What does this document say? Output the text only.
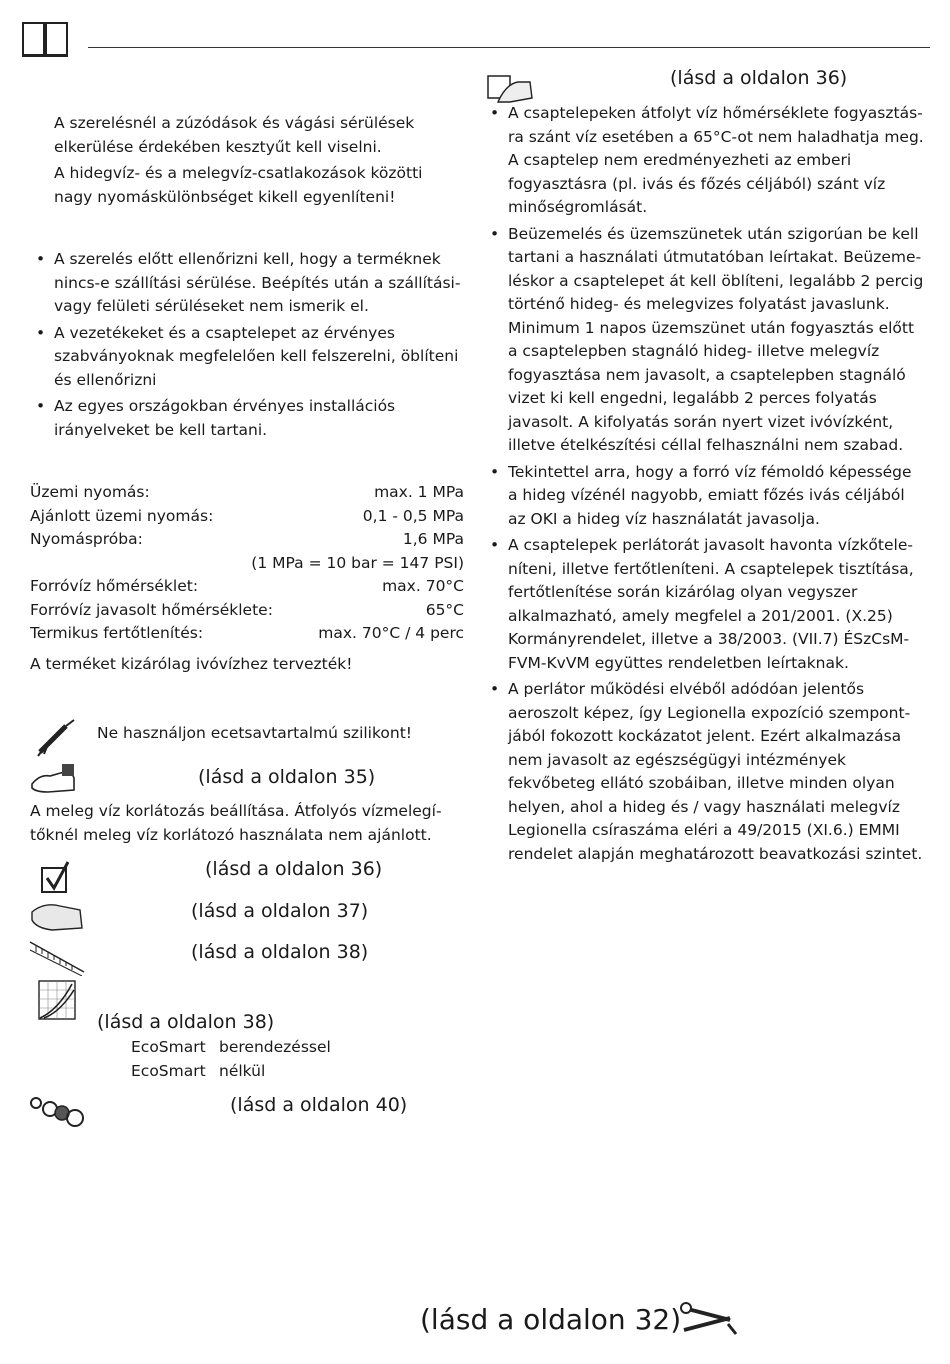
A szerelésnél a zúzódások és vágási sérülések elkerülése érdekében kesztyűt kell viselni.

A hidegvíz- és a melegvíz-csatlakozások közötti nagy nyomáskülönbséget kikell egyenlíteni!

• A szerelés előtt ellenőrizni kell, hogy a terméknek nincs-e szállítási sérülése. Beépítés után a szállítási- vagy felületi sérüléseket nem ismerik el.
• A vezetékeket és a csaptelepet az érvényes szabványoknak megfelelően kell felszerelni, öblíteni és ellenőrizni
• Az egyes országokban érvényes installációs irányelveket be kell tartani.
Üzemi nyomás:	max. 1 MPa
Ajánlott üzemi nyomás:	0,1 - 0,5 MPa
Nyomáspróba:	1,6 MPa
(1 MPa = 10 bar = 147 PSI)
Forróvíz hőmérséklet:	max. 70°C
Forróvíz javasolt hőmérséklete:	65°C
Termikus fertőtlenítés:	max. 70°C / 4 perc

A terméket kizárólag ivóvízhez tervezték!

Ne használjon ecetsavtartalmú szilikont!

(lásd a oldalon 35)

A meleg víz korlátozás beállítása. Átfolyós vízmelegítőknél meleg víz korlátozó használata nem ajánlott.

(lásd a oldalon 36)
(lásd a oldalon 37)
(lásd a oldalon 38)
(lásd a oldalon 38)
EcoSmart berendezéssel
EcoSmart nélkül
(lásd a oldalon 40)
(lásd a oldalon 36)
• A csaptelepeken átfolyt víz hőmérséklete fogyasztásra szánt víz esetében a 65°C-ot nem haladhatja meg. A csaptelep nem eredményezheti az emberi fogyasztásra (pl. ivás és főzés céljából) szánt víz minőségromlását.
• Beüzemelés és üzemszünetek után szigorúan be kell tartani a használati útmutatóban leírtakat. Beüzemeléskor a csaptelepet át kell öblíteni, legalább 2 percig történő hideg- és melegvizes folyatást javaslunk. Minimum 1 napos üzemszünet után fogyasztás előtt a csaptelepben stagnáló hideg- illetve melegvíz fogyasztása nem javasolt, a csaptelepben stagnáló vizet ki kell engedni, legalább 2 perces folyatás javasolt. A kifolyatás során nyert vizet ivóvízként, illetve ételkészítési céllal felhasználni nem szabad.
• Tekintettel arra, hogy a forró víz fémoldó képessége a hideg vízénél nagyobb, emiatt főzés ivás céljából az OKI a hideg víz használatát javasolja.
• A csaptelepek perlátorát javasolt havonta vízkőteleníteni, illetve fertőtleníteni. A csaptelepek tisztítása, fertőtlenítése során kizárólag olyan vegyszer alkalmazható, amely megfelel a 201/2001. (X.25) Kormányrendelet, illetve a 38/2003. (VII.7) ÉSzCsM-FVM-KvVM együttes rendeletben leírtaknak.
• A perlátor működési elvéből adódóan jelentős aeroszolt képez, így Legionella expozíció szempontjából fokozott kockázatot jelent. Ezért alkalmazása nem javasolt az egészségügyi intézmények fekvőbeteg ellátó szobáiban, illetve minden olyan helyen, ahol a hideg és / vagy használati melegvíz Legionella csíraszáma eléri a 49/2015 (XI.6.) EMMI rendelet alapján meghatározott beavatkozási szintet.
(lásd a oldalon 32)
